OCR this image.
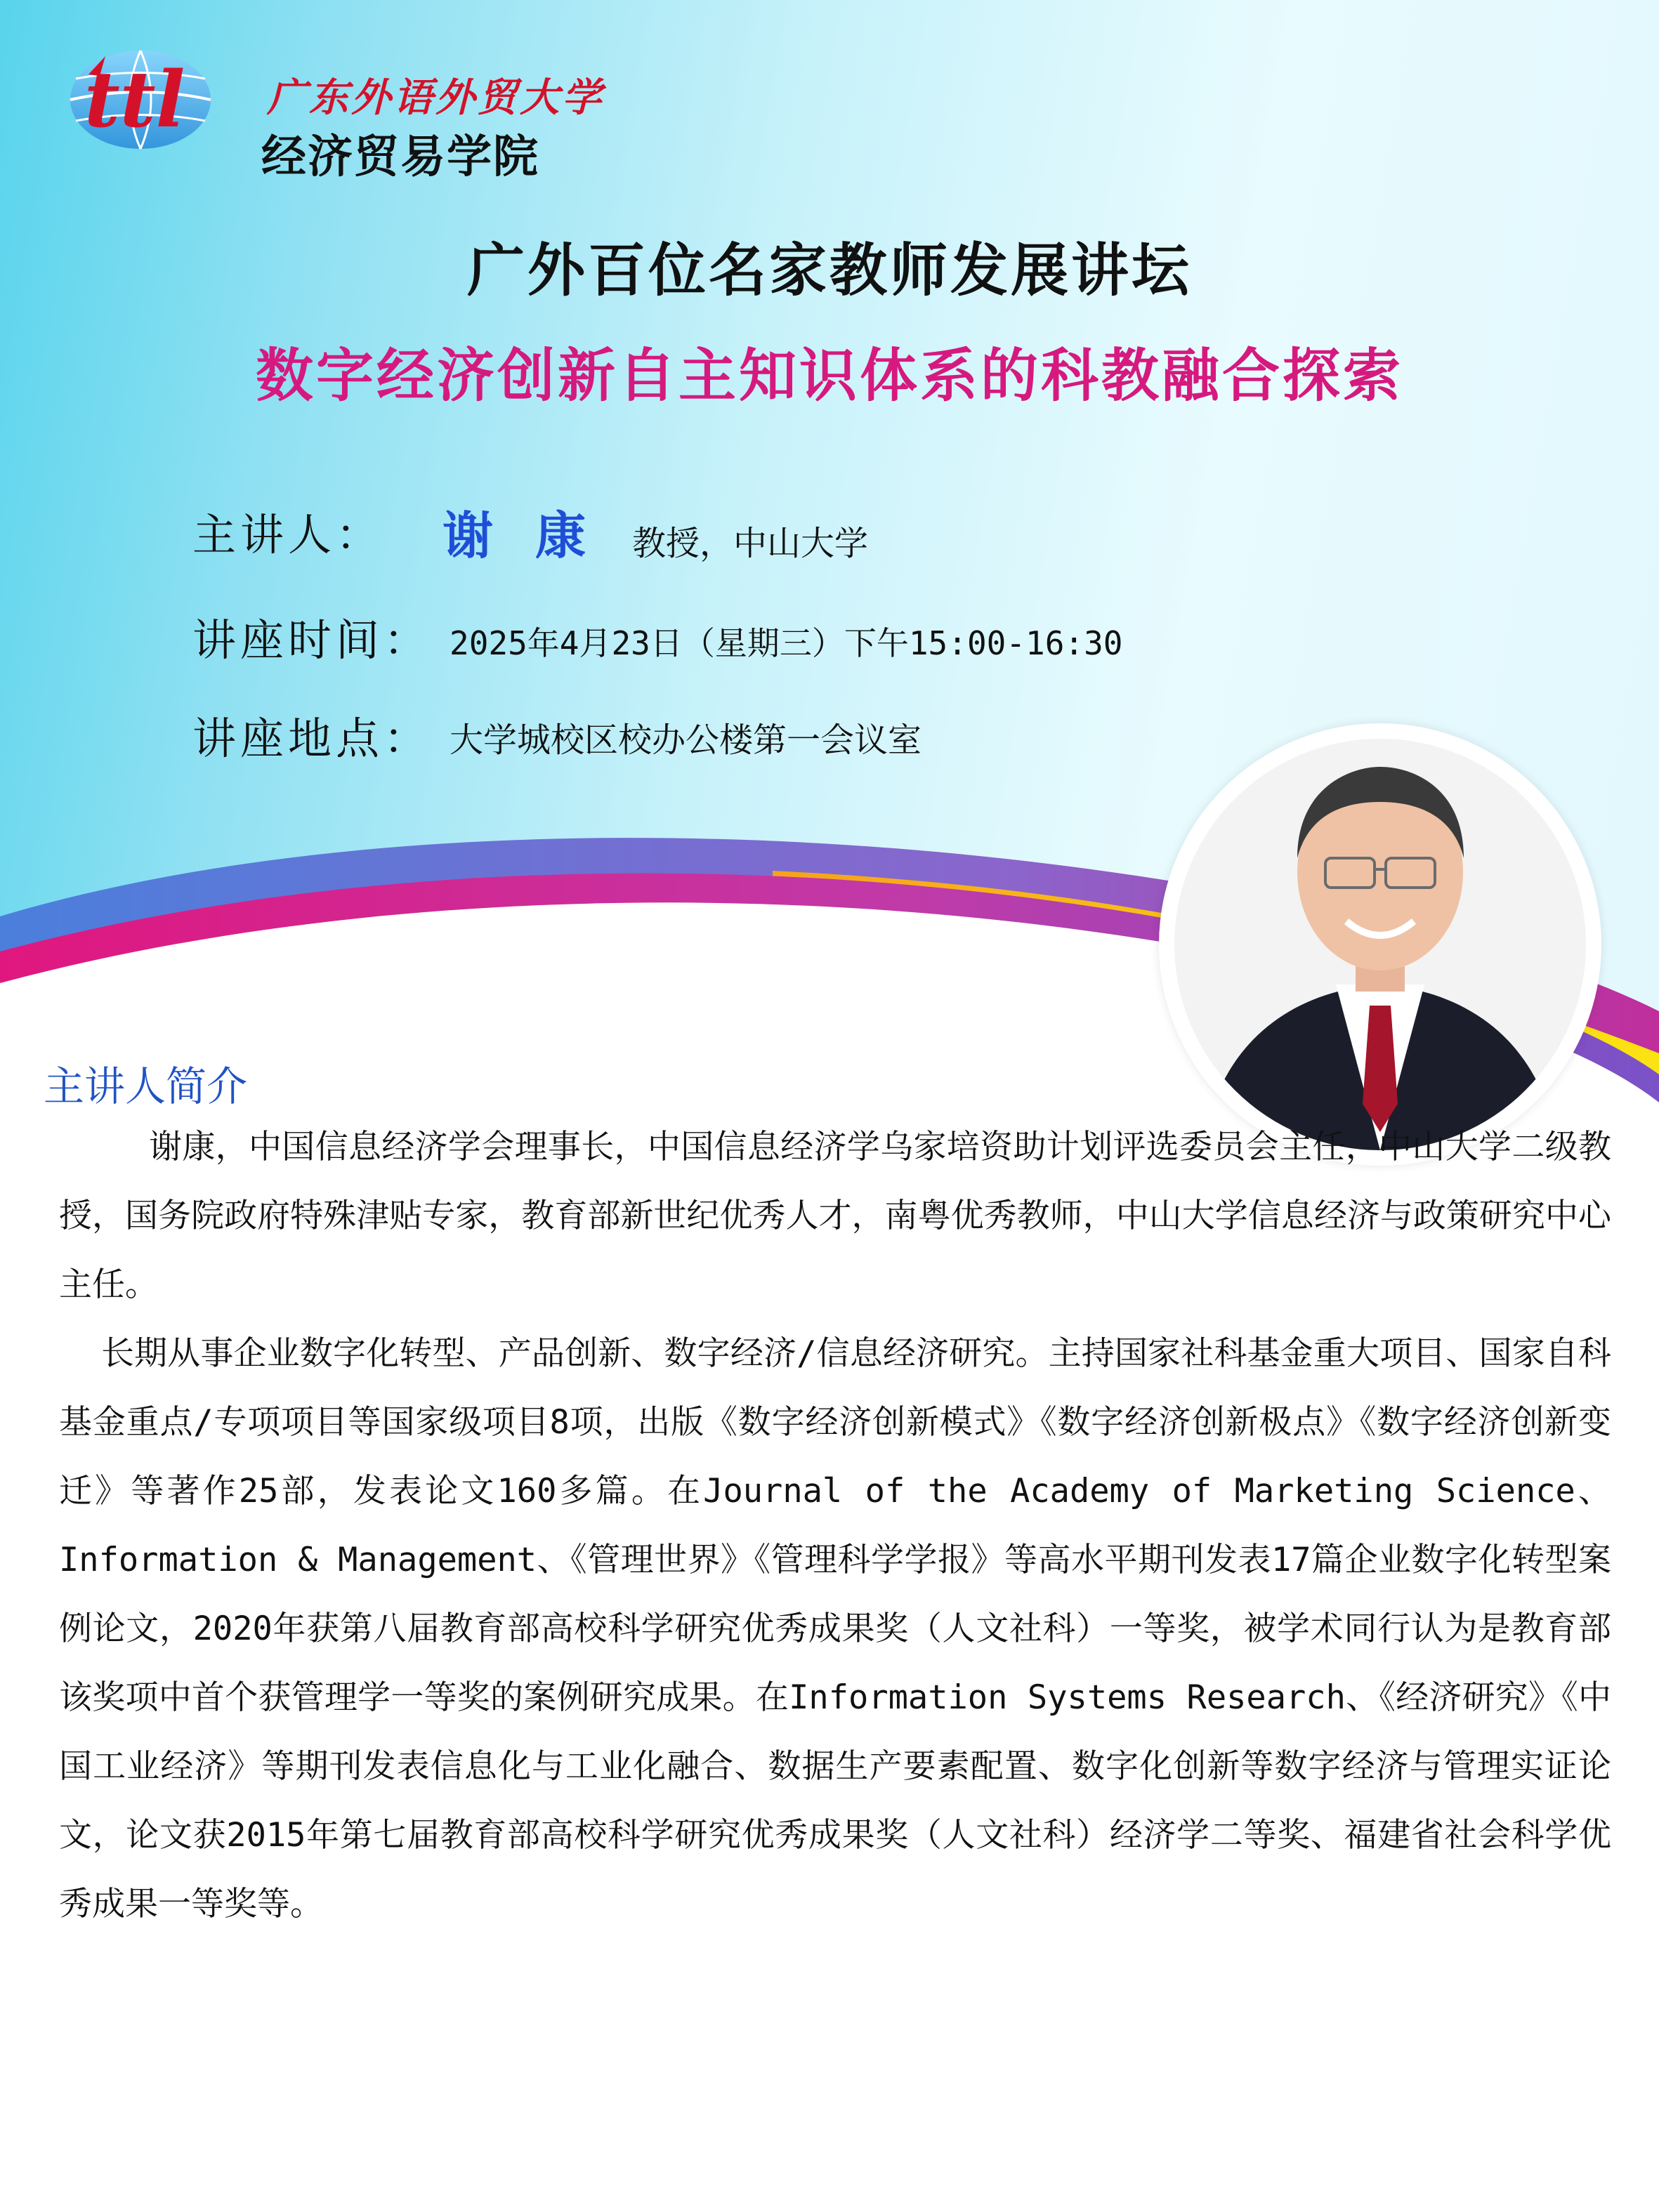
ttl 广东外语外贸大学
经济贸易学院
广外百位名家教师发展讲坛
数字经济创新自主知识体系的科教融合探索
主讲人： 谢康 教授，中山大学
讲座时间： 2025年4月23日（星期三）下午15:00-16:30
讲座地点： 大学城校区校办公楼第一会议室
主讲人简介

谢康，中国信息经济学会理事长，中国信息经济学乌家培资助计划评选委员会主任，中山大学二级教授，国务院政府特殊津贴专家，教育部新世纪优秀人才，南粤优秀教师，中山大学信息经济与政策研究中心主任。

长期从事企业数字化转型、产品创新、数字经济/信息经济研究。主持国家社科基金重大项目、国家自科基金重点/专项项目等国家级项目8项，出版《数字经济创新模式》《数字经济创新极点》《数字经济创新变迁》等著作25部，发表论文160多篇。在Journal of the Academy of Marketing Science、Information & Management、《管理世界》《管理科学学报》等高水平期刊发表17篇企业数字化转型案例论文，2020年获第八届教育部高校科学研究优秀成果奖（人文社科）一等奖，被学术同行认为是教育部该奖项中首个获管理学一等奖的案例研究成果。在Information Systems Research、《经济研究》《中国工业经济》等期刊发表信息化与工业化融合、数据生产要素配置、数字化创新等数字经济与管理实证论文，论文获2015年第七届教育部高校科学研究优秀成果奖（人文社科）经济学二等奖、福建省社会科学优秀成果一等奖等。
